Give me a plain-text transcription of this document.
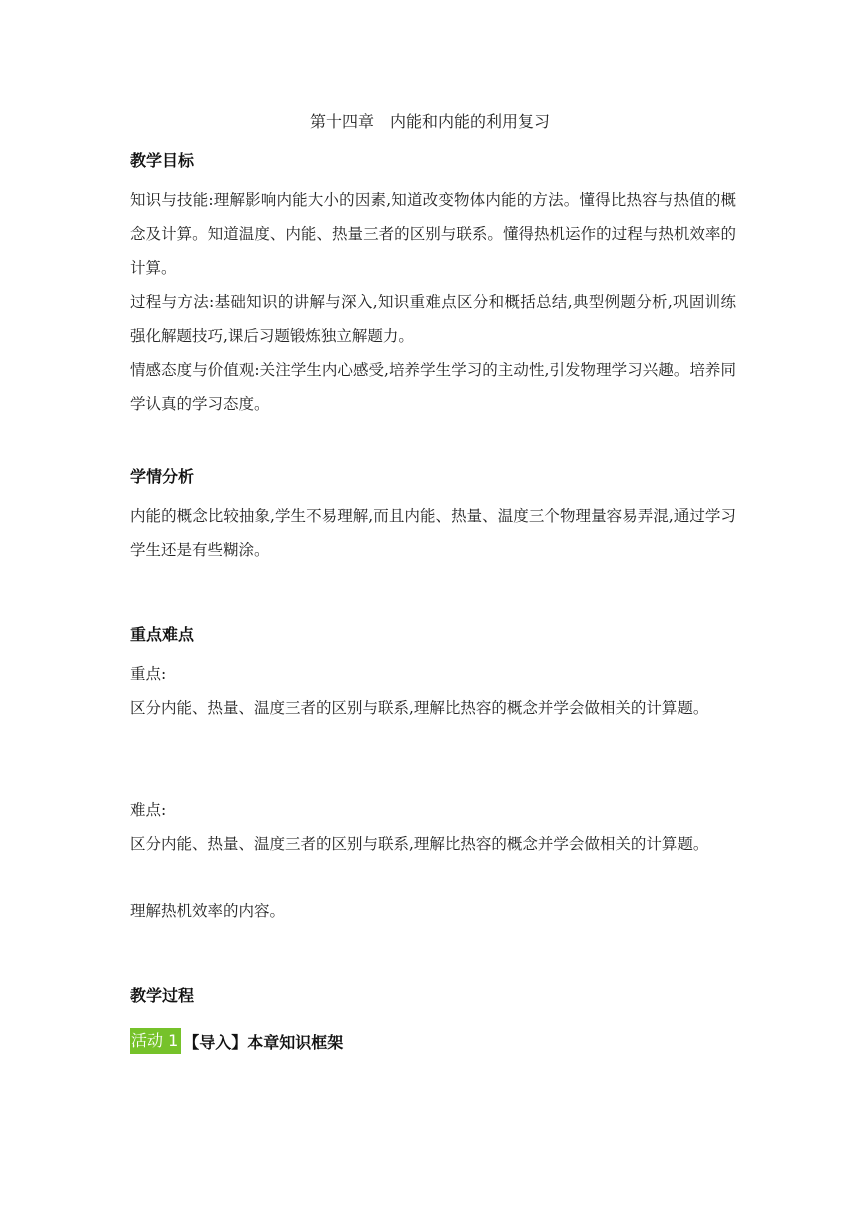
第十四章　内能和内能的利用复习
教学目标

知识与技能:理解影响内能大小的因素,知道改变物体内能的方法。懂得比热容与热值的概念及计算。知道温度、内能、热量三者的区别与联系。懂得热机运作的过程与热机效率的计算。

过程与方法:基础知识的讲解与深入,知识重难点区分和概括总结,典型例题分析,巩固训练强化解题技巧,课后习题锻炼独立解题力。

情感态度与价值观:关注学生内心感受,培养学生学习的主动性,引发物理学习兴趣。培养同学认真的学习态度。

学情分析

内能的概念比较抽象,学生不易理解,而且内能、热量、温度三个物理量容易弄混,通过学习学生还是有些糊涂。

重点难点
重点:

区分内能、热量、温度三者的区别与联系,理解比热容的概念并学会做相关的计算题。

难点:

区分内能、热量、温度三者的区别与联系,理解比热容的概念并学会做相关的计算题。

理解热机效率的内容。
教学过程
活动 1 【导入】本章知识框架
